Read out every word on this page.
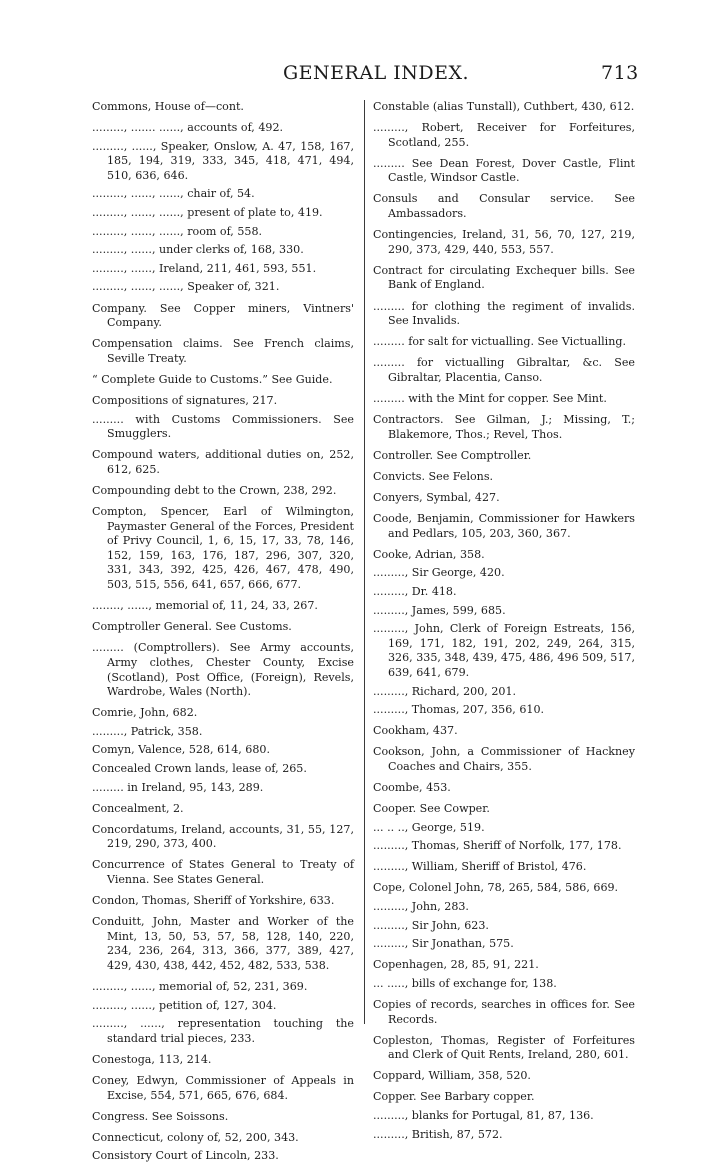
GENERAL INDEX.	713

Commons, House of—cont.

........., ....... ......, accounts of, 492.

........., ......, Speaker, Onslow, A. 47, 158, 167, 185, 194, 319, 333, 345, 418, 471, 494, 510, 636, 646.

........., ......, ......, chair of, 54.

........., ......, ......, present of plate to, 419.

........., ......, ......, room of, 558.

........., ......, under clerks of, 168, 330.

........., ......, Ireland, 211, 461, 593, 551.

........., ......, ......, Speaker of, 321.

Company. See Copper miners, Vintners' Company.

Compensation claims. See French claims, Seville Treaty.

“ Complete Guide to Customs.” See Guide.

Compositions of signatures, 217.

......... with Customs Commissioners. See Smugglers.

Compound waters, additional duties on, 252, 612, 625.

Compounding debt to the Crown, 238, 292.

Compton, Spencer, Earl of Wilmington, Paymaster General of the Forces, President of Privy Council, 1, 6, 15, 17, 33, 78, 146, 152, 159, 163, 176, 187, 296, 307, 320, 331, 343, 392, 425, 426, 467, 478, 490, 503, 515, 556, 641, 657, 666, 677.

........, ......, memorial of, 11, 24, 33, 267.

Comptroller General. See Customs.

......... (Comptrollers). See Army accounts, Army clothes, Chester County, Excise (Scotland), Post Office, (Foreign), Revels, Wardrobe, Wales (North).

Comrie, John, 682.

........., Patrick, 358.

Comyn, Valence, 528, 614, 680.

Concealed Crown lands, lease of, 265.

......... in Ireland, 95, 143, 289.

Concealment, 2.

Concordatums, Ireland, accounts, 31, 55, 127, 219, 290, 373, 400.

Concurrence of States General to Treaty of Vienna. See States General.

Condon, Thomas, Sheriff of Yorkshire, 633.

Conduitt, John, Master and Worker of the Mint, 13, 50, 53, 57, 58, 128, 140, 220, 234, 236, 264, 313, 366, 377, 389, 427, 429, 430, 438, 442, 452, 482, 533, 538.

........., ......, memorial of, 52, 231, 369.

........., ......, petition of, 127, 304.

........., ......, representation touching the standard trial pieces, 233.

Conestoga, 113, 214.

Coney, Edwyn, Commissioner of Appeals in Excise, 554, 571, 665, 676, 684.

Congress. See Soissons.

Connecticut, colony of, 52, 200, 343.

Consistory Court of Lincoln, 233.

Constable (alias Tunstall), Cuthbert, 430, 612.

........., Robert, Receiver for Forfeitures, Scotland, 255.

......... See Dean Forest, Dover Castle, Flint Castle, Windsor Castle.

Consuls and Consular service. See Ambassadors.

Contingencies, Ireland, 31, 56, 70, 127, 219, 290, 373, 429, 440, 553, 557.

Contract for circulating Exchequer bills. See Bank of England.

......... for clothing the regiment of invalids. See Invalids.

......... for salt for victualling. See Victualling.

......... for victualling Gibraltar, &c. See Gibraltar, Placentia, Canso.

......... with the Mint for copper. See Mint.

Contractors. See Gilman, J.; Missing, T.; Blakemore, Thos.; Revel, Thos.

Controller. See Comptroller.

Convicts. See Felons.

Conyers, Symbal, 427.

Coode, Benjamin, Commissioner for Hawkers and Pedlars, 105, 203, 360, 367.

Cooke, Adrian, 358.

........., Sir George, 420.

........., Dr. 418.

........., James, 599, 685.

........., John, Clerk of Foreign Estreats, 156, 169, 171, 182, 191, 202, 249, 264, 315, 326, 335, 348, 439, 475, 486, 496 509, 517, 639, 641, 679.

........., Richard, 200, 201.

........., Thomas, 207, 356, 610.

Cookham, 437.

Cookson, John, a Commissioner of Hackney Coaches and Chairs, 355.

Coombe, 453.

Cooper. See Cowper.

... .. .., George, 519.

........., Thomas, Sheriff of Norfolk, 177, 178.

........., William, Sheriff of Bristol, 476.

Cope, Colonel John, 78, 265, 584, 586, 669.

........., John, 283.

........., Sir John, 623.

........., Sir Jonathan, 575.

Copenhagen, 28, 85, 91, 221.

... ....., bills of exchange for, 138.

Copies of records, searches in offices for. See Records.

Copleston, Thomas, Register of Forfeitures and Clerk of Quit Rents, Ireland, 280, 601.

Coppard, William, 358, 520.

Copper. See Barbary copper.

........., blanks for Portugal, 81, 87, 136.

........., British, 87, 572.
